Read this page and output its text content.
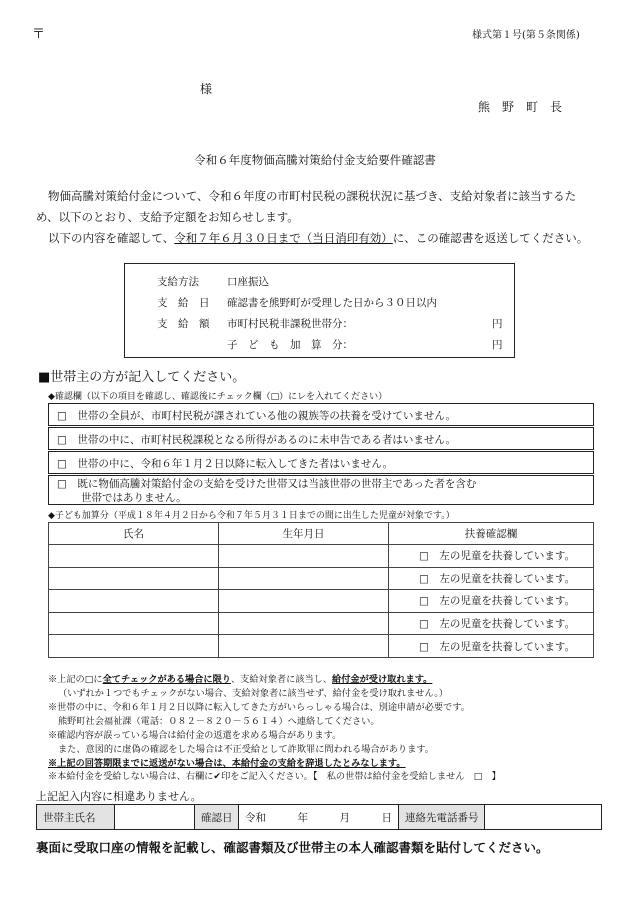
〒	様式第１号(第５条関係)
様
熊　野　町　長
令和６年度物価高騰対策給付金支給要件確認書
物価高騰対策給付金について、令和６年度の市町村民税の課税状況に基づき、支給対象者に該当するた
め、以下のとおり、支給予定額をお知らせします。
以下の内容を確認して、令和７年６月３０日まで（当日消印有効）に、この確認書を返送してください。
支給方法	口座振込
支　給　日 確認書を熊野町が受理した日から３０日以内
支　給　額 市町村民税非課税世帯分：	円
子　ど　も　加　算　分：	円
■世帯主の方が記入してください。
◆確認欄（以下の項目を確認し、確認後にチェック欄（□）にレを入れてください）
□　世帯の全員が、市町村民税が課されている他の親族等の扶養を受けていません。
□　世帯の中に、市町村民税課税となる所得があるのに未申告である者はいません。
□　世帯の中に、令和６年１月２日以降に転入してきた者はいません。
□　既に物価高騰対策給付金の支給を受けた世帯又は当該世帯の世帯主であった者を含む
世帯ではありません。
◆子ども加算分（平成１８年４月２日から令和７年５月３１日までの間に出生した児童が対象です。）
氏名	生年月日	扶養確認欄
		□　左の児童を扶養しています。
		□　左の児童を扶養しています。
		□　左の児童を扶養しています。
		□　左の児童を扶養しています。
		□　左の児童を扶養しています。
※上記の□に全てチェックがある場合に限り、支給対象者に該当し、給付金が受け取れます。
（いずれか１つでもチェックがない場合、支給対象者に該当せず、給付金を受け取れません。）
※世帯の中に、令和６年１月２日以降に転入してきた方がいらっしゃる場合は、別途申請が必要です。
熊野町社会福祉課（電話：０８２－８２０－５６１４）へ連絡してください。
※確認内容が誤っている場合は給付金の返還を求める場合があります。
また、意図的に虚偽の確認をした場合は不正受給として詐欺罪に問われる場合があります。
※上記の回答期限までに返送がない場合は、本給付金の支給を辞退したとみなします。
※本給付金を受給しない場合は、右欄に✔印をご記入ください。【　私の世帯は給付金を受給しません　□　】
上記記入内容に相違ありません。
世帯主氏名		確認日	令和　　　年　　　月　　　日	連絡先電話番号	
裏面に受取口座の情報を記載し、確認書類及び世帯主の本人確認書類を貼付してください。
